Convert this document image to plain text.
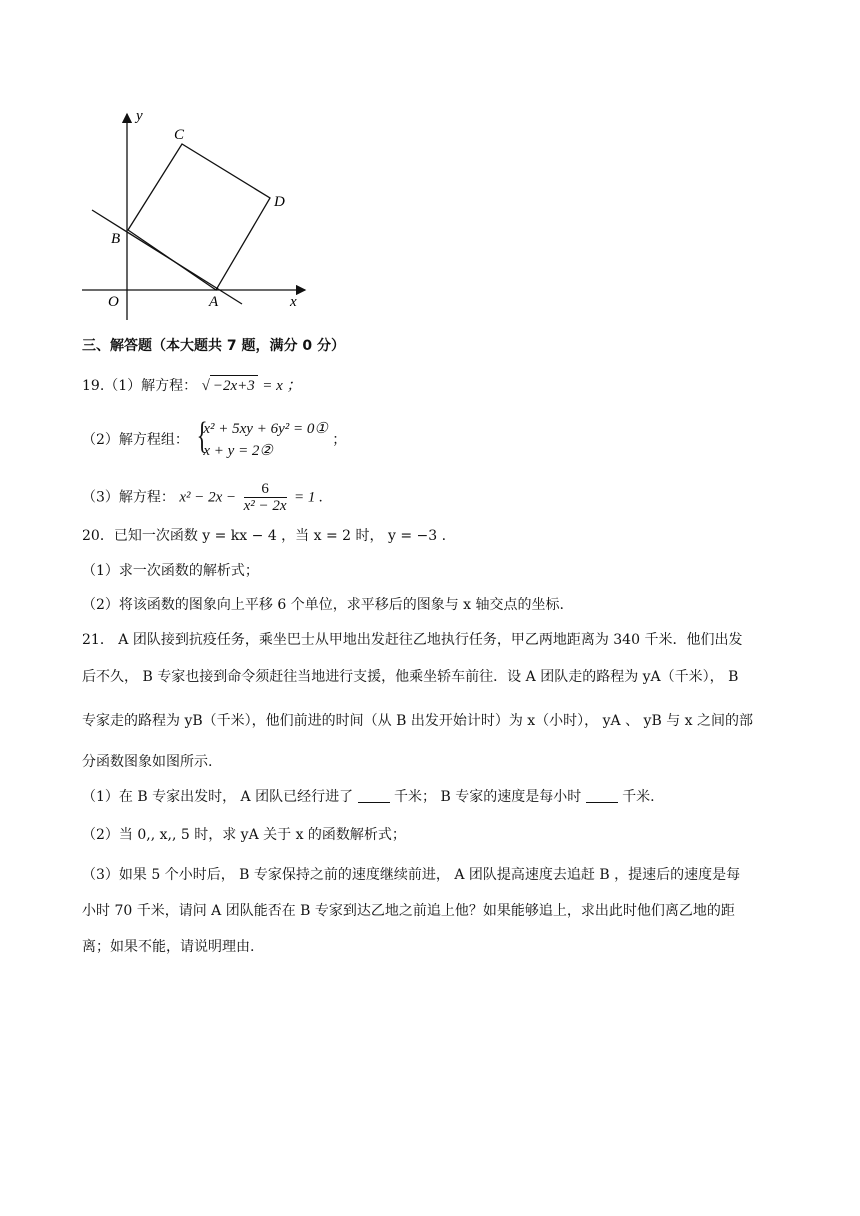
y
x
O	A
B
C
D
三、解答题（本大题共 7 题，满分 0 分）
19.（1）解方程： √ −2x+3 = x ；
（2）解方程组： {
x² + 5xy + 6y² = 0①
x + y = 2②
；
（3）解方程： $x^2 - 2x - \frac{6}{\text{x² − 2x}} = 1$ .
20．已知一次函数 y = kx − 4 ，当 x = 2 时， y = −3 .
（1）求一次函数的解析式；
（2）将该函数的图象向上平移 6 个单位，求平移后的图象与 x 轴交点的坐标.
21． A 团队接到抗疫任务，乘坐巴士从甲地出发赶往乙地执行任务，甲乙两地距离为 340 千米．他们出发
后不久， B 专家也接到命令须赶往当地进行支援，他乘坐轿车前往．设 A 团队走的路程为 yA（千米）， B
专家走的路程为 yB（千米），他们前进的时间（从 B 出发开始计时）为 x（小时）， yA 、 yB 与 x 之间的部
分函数图象如图所示.
（1）在 B 专家出发时， A 团队已经行进了	千米； B 专家的速度是每小时	千米.
（2）当 0,, x,, 5 时，求 yA 关于 x 的函数解析式；
（3）如果 5 个小时后， B 专家保持之前的速度继续前进， A 团队提高速度去追赶 B ，提速后的速度是每
小时 70 千米，请问 A 团队能否在 B 专家到达乙地之前追上他？如果能够追上，求出此时他们离乙地的距
离；如果不能，请说明理由.
